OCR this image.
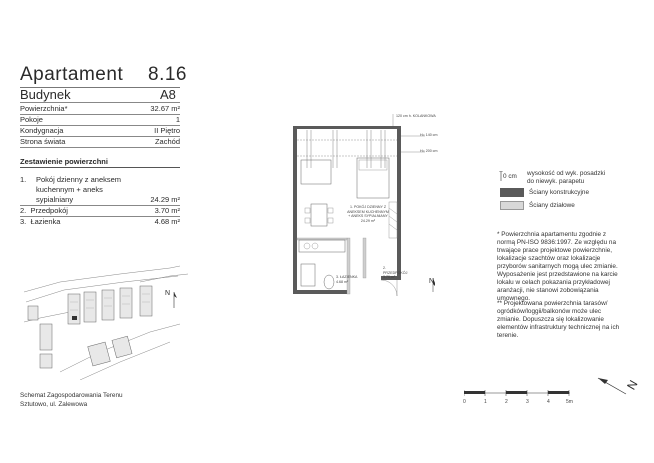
Apartament 8.16
Budynek	A8
Powierzchnia*	32.67 m²
Pokoje	1
Kondygnacja	II Piętro
Strona świata	Zachód
Zestawienie powierzchni
1. Pokój dzienny z aneksem
kuchennym + aneks
sypialniany	24.29 m²
2. Przedpokój	3.70 m²
3. Łazienka	4.68 m²
N
Schemat Zagospodarowania Terenu
Sztutowo, ul. Zalewowa
1. POKÓJ DZIENNY Z ANEKSEM KUCHENNYM + ANEKS SYPIALNIANY 24.29 m²
2. PRZEDPOKÓJ 3.70 m²
3. ŁAZIENKA 4.68 m²
120 cm h. KOLANKOWA
H= 140 cm
H= 200 cm
N
0 cm wysokość od wyk. posadzki
do niewyk. parapetu
Ściany konstrukcyjne
Ściany działowe
* Powierzchnia apartamentu zgodnie z
normą PN-ISO 9836:1997. Ze względu na
trwające prace projektowe powierzchnie,
lokalizacje szachtów oraz lokalizacje
przyborów sanitarnych mogą ulec zmianie.
Wyposażenie jest przedstawione na karcie
lokalu w celach pokazania przykładowej
aranżacji, nie stanowi zobowiązania
umownego.
** Projektowana powierzchnia tarasów/
ogródków/loggii/balkonów może ulec
zmianie. Dopuszcza się lokalizowanie
elementów infrastruktury technicznej na ich
terenie.
0	1	2	3	4	5m
N
